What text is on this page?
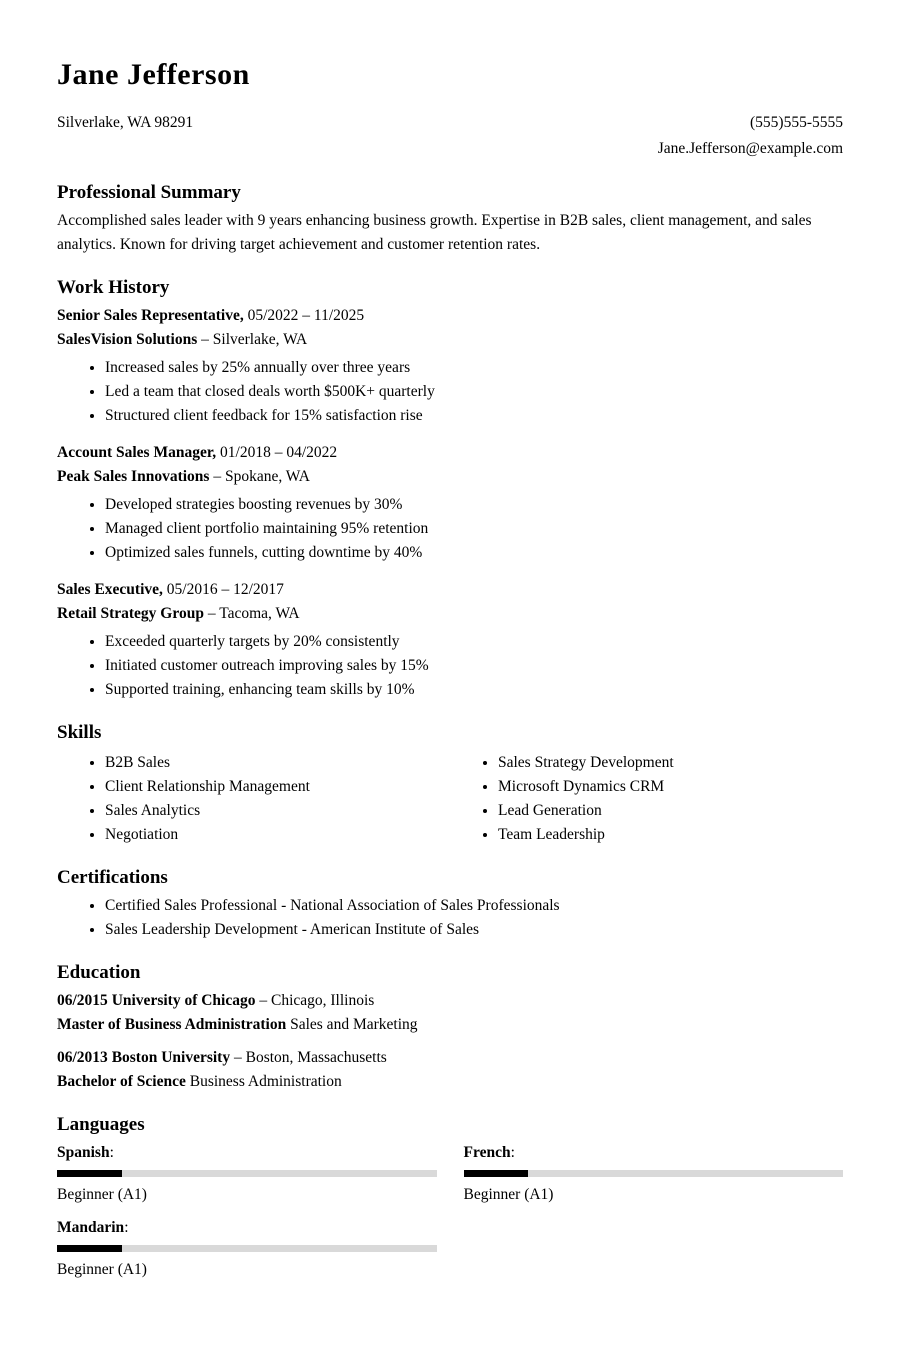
Jane Jefferson
Silverlake, WA 98291	(555)555-5555
Jane.Jefferson@example.com
Professional Summary

Accomplished sales leader with 9 years enhancing business growth. Expertise in B2B sales, client management, and sales analytics. Known for driving target achievement and customer retention rates.

Work History
Senior Sales Representative, 05/2022 – 11/2025
SalesVision Solutions – Silverlake, WA
• Increased sales by 25% annually over three years
• Led a team that closed deals worth $500K+ quarterly
• Structured client feedback for 15% satisfaction rise
Account Sales Manager, 01/2018 – 04/2022
Peak Sales Innovations – Spokane, WA
• Developed strategies boosting revenues by 30%
• Managed client portfolio maintaining 95% retention
• Optimized sales funnels, cutting downtime by 40%
Sales Executive, 05/2016 – 12/2017
Retail Strategy Group – Tacoma, WA
• Exceeded quarterly targets by 20% consistently
• Initiated customer outreach improving sales by 15%
• Supported training, enhancing team skills by 10%
Skills
• B2B Sales
• Client Relationship Management
• Sales Analytics
• Negotiation
• Sales Strategy Development
• Microsoft Dynamics CRM
• Lead Generation
• Team Leadership
Certifications
• Certified Sales Professional - National Association of Sales Professionals
• Sales Leadership Development - American Institute of Sales
Education
06/2015 University of Chicago – Chicago, Illinois
Master of Business Administration Sales and Marketing
06/2013 Boston University – Boston, Massachusetts
Bachelor of Science Business Administration
Languages
Spanish:
Beginner (A1)
French:
Beginner (A1)
Mandarin:
Beginner (A1)
